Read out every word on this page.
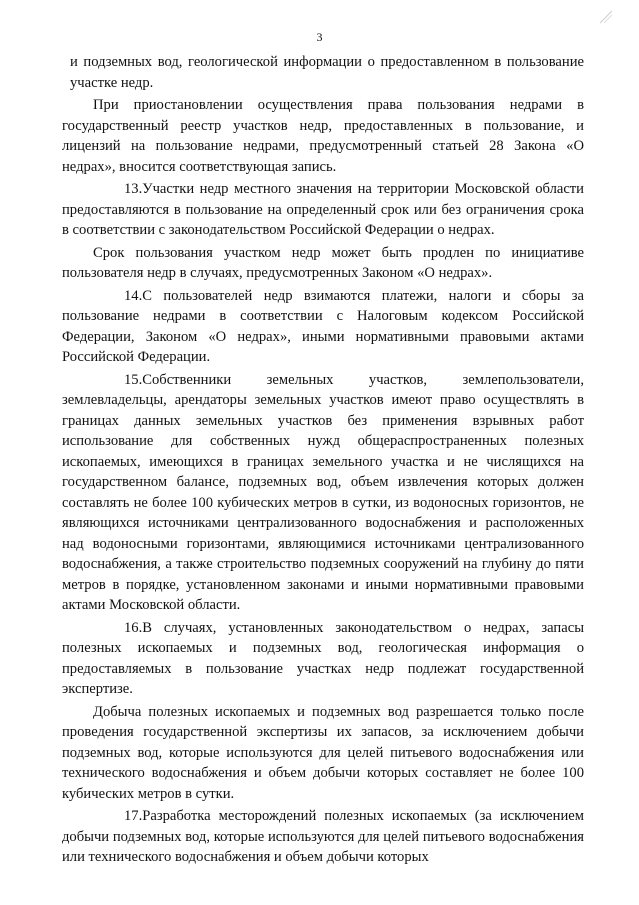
3

и подземных вод, геологической информации о предоставленном в пользование участке недр.

При приостановлении осуществления права пользования недрами в государственный реестр участков недр, предоставленных в пользование, и лицензий на пользование недрами, предусмотренный статьей 28 Закона «О недрах», вносится соответствующая запись.

13.Участки недр местного значения на территории Московской области предоставляются в пользование на определенный срок или без ограничения срока в соответствии с законодательством Российской Федерации о недрах.

Срок пользования участком недр может быть продлен по инициативе пользователя недр в случаях, предусмотренных Законом «О недрах».

14.С пользователей недр взимаются платежи, налоги и сборы за пользование недрами в соответствии с Налоговым кодексом Российской Федерации, Законом «О недрах», иными нормативными правовыми актами Российской Федерации.

15.Собственники земельных участков, землепользователи, землевладельцы, арендаторы земельных участков имеют право осуществлять в границах данных земельных участков без применения взрывных работ использование для собственных нужд общераспространенных полезных ископаемых, имеющихся в границах земельного участка и не числящихся на государственном балансе, подземных вод, объем извлечения которых должен составлять не более 100 кубических метров в сутки, из водоносных горизонтов, не являющихся источниками централизованного водоснабжения и расположенных над водоносными горизонтами, являющимися источниками централизованного водоснабжения, а также строительство подземных сооружений на глубину до пяти метров в порядке, установленном законами и иными нормативными правовыми актами Московской области.

16.В случаях, установленных законодательством о недрах, запасы полезных ископаемых и подземных вод, геологическая информация о предоставляемых в пользование участках недр подлежат государственной экспертизе.

Добыча полезных ископаемых и подземных вод разрешается только после проведения государственной экспертизы их запасов, за исключением добычи подземных вод, которые используются для целей питьевого водоснабжения или технического водоснабжения и объем добычи которых составляет не более 100 кубических метров в сутки.

17.Разработка месторождений полезных ископаемых (за исключением добычи подземных вод, которые используются для целей питьевого водоснабжения или технического водоснабжения и объем добычи которых
